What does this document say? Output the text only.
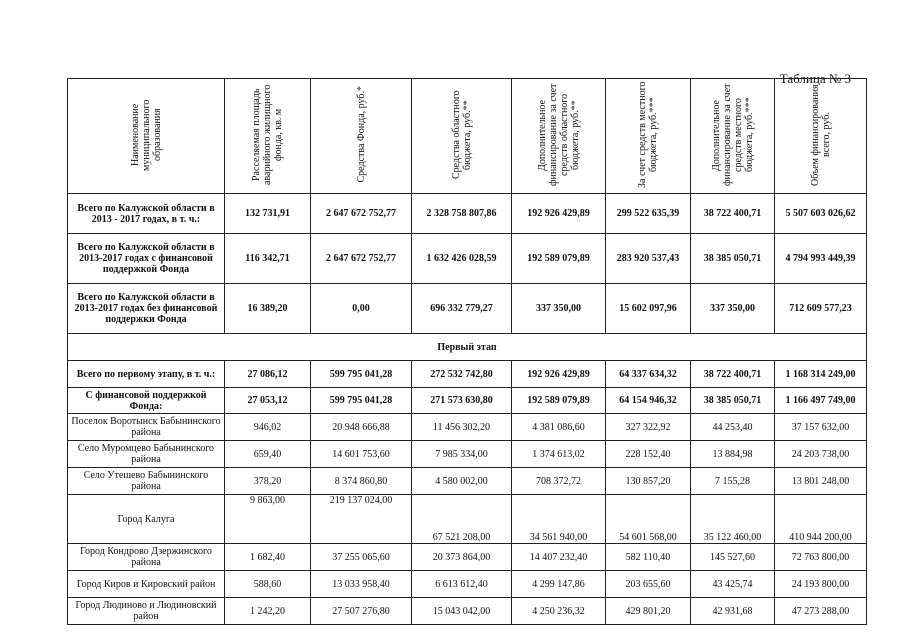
Таблица № 3
Наименование муниципального образования	Расселяемая площадь аварийного жилищного фонда, кв. м	Средства Фонда, руб.*	Средства областного бюджета, руб.**	Дополнительное финансирование за счет средств областного бюджета, руб.**	За счет средств местного бюджета, руб.***	Дополнительное финансирование за счет средств местного бюджета, руб.***	Объем финансирования всего, руб.
Всего по Калужской области в 2013 - 2017 годах, в т. ч.:	132 731,91	2 647 672 752,77	2 328 758 807,86	192 926 429,89	299 522 635,39	38 722 400,71	5 507 603 026,62
Всего по Калужской области в 2013-2017 годах с финансовой поддержкой Фонда	116 342,71	2 647 672 752,77	1 632 426 028,59	192 589 079,89	283 920 537,43	38 385 050,71	4 794 993 449,39
Всего по Калужской области в 2013-2017 годах без финансовой поддержки Фонда	16 389,20	0,00	696 332 779,27	337 350,00	15 602 097,96	337 350,00	712 609 577,23
Первый этап							
Всего по первому этапу, в т. ч.:	27 086,12	599 795 041,28	272 532 742,80	192 926 429,89	64 337 634,32	38 722 400,71	1 168 314 249,00
С финансовой поддержкой Фонда:	27 053,12	599 795 041,28	271 573 630,80	192 589 079,89	64 154 946,32	38 385 050,71	1 166 497 749,00
Поселок Воротынск Бабынинского района	946,02	20 948 666,88	11 456 302,20	4 381 086,60	327 322,92	44 253,40	37 157 632,00
Село Муромцево Бабынинского района	659,40	14 601 753,60	7 985 334,00	1 374 613,02	228 152,40	13 884,98	24 203 738,00
Село Утешево Бабынинского района	378,20	8 374 860,80	4 580 002,00	708 372,72	130 857,20	7 155,28	13 801 248,00
Город Калуга	9 863,00	219 137 024,00	67 521 208,00	34 561 940,00	54 601 568,00	35 122 460,00	410 944 200,00
Город Кондрово Дзержинского района	1 682,40	37 255 065,60	20 373 864,00	14 407 232,40	582 110,40	145 527,60	72 763 800,00
Город Киров и Кировский район	588,60	13 033 958,40	6 613 612,40	4 299 147,86	203 655,60	43 425,74	24 193 800,00
Город Людиново и Людиновский район	1 242,20	27 507 276,80	15 043 042,00	4 250 236,32	429 801,20	42 931,68	47 273 288,00
